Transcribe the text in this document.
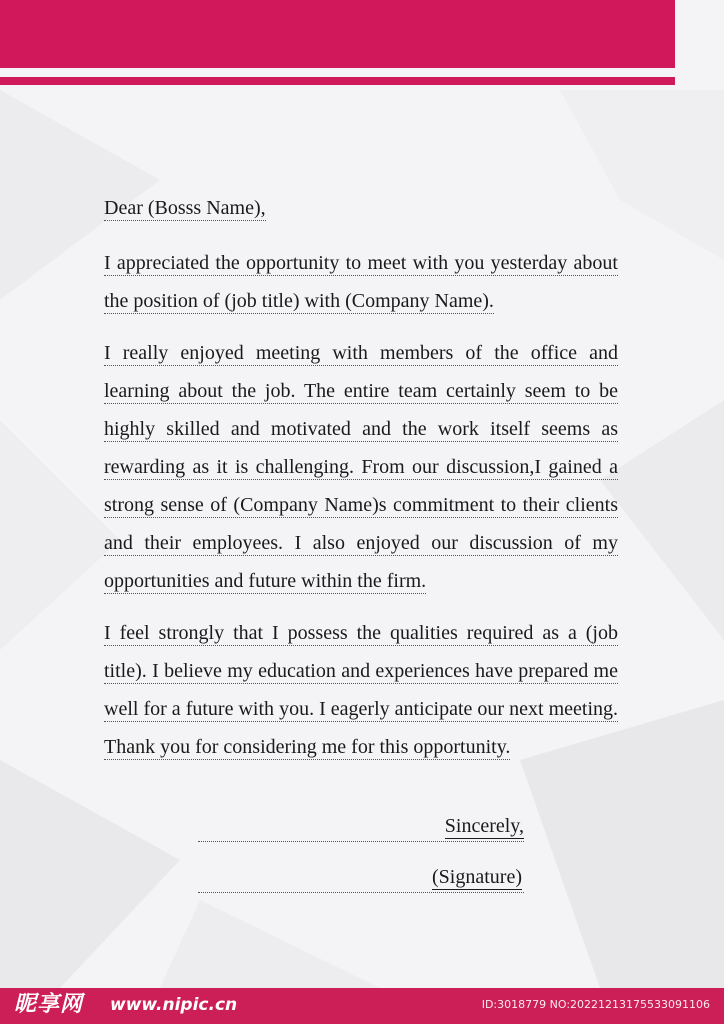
Dear (Bosss Name),

I appreciated the opportunity to meet with you yesterday about the position of (job title) with (Company Name).

I really enjoyed meeting with members of the office and learning about the job. The entire team certainly seem to be highly skilled and motivated and the work itself seems as rewarding as it is challenging. From our discussion,I gained a strong sense of (Company Name)s commitment to their clients and their employees. I also enjoyed our discussion of my opportunities and future within the firm.

I feel strongly that I possess the qualities required as a (job title). I believe my education and experiences have prepared me well for a future with you. I eagerly anticipate our next meeting. Thank you for considering me for this opportunity.

Sincerely,
(Signature)
昵享网 www.nipic.cn	ID:3018779 NO:20221213175533091106
